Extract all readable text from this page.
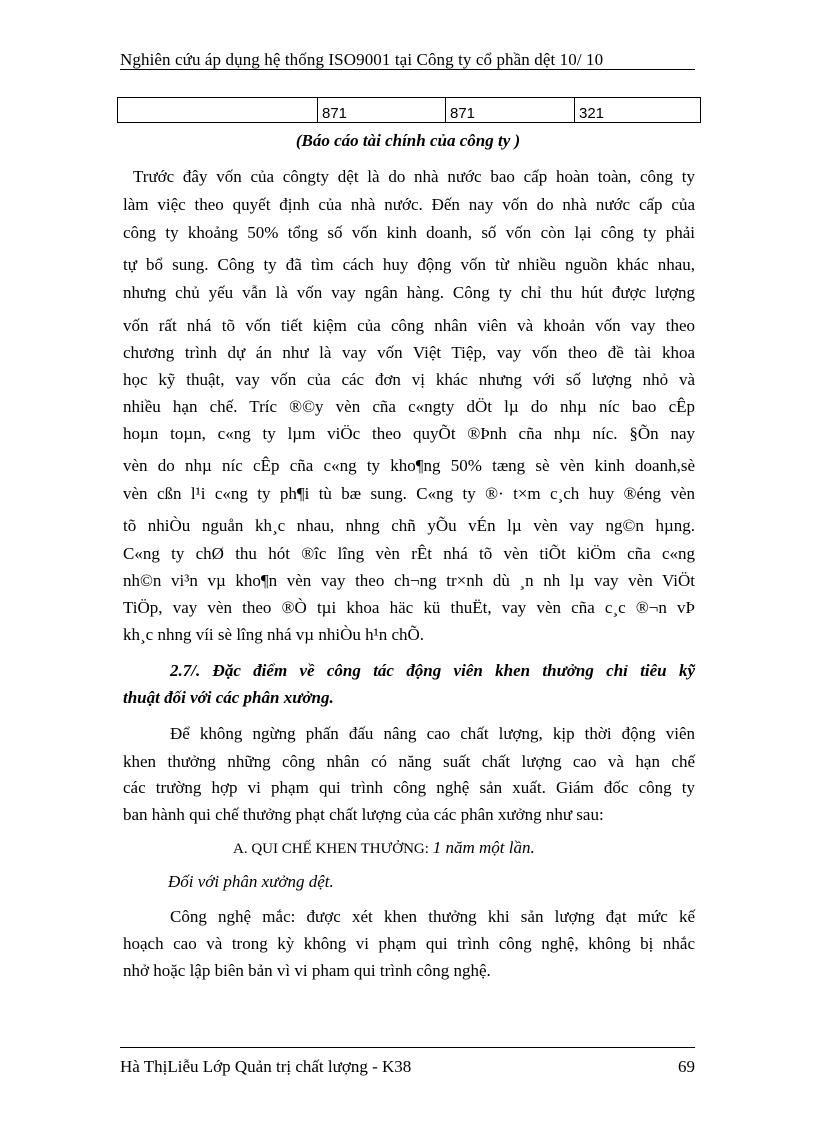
Nghiên cứu áp dụng hệ thống ISO9001 tại Công ty cổ phần dệt 10/ 10
	871	871	321
(Báo cáo tài chính của công ty )
Trước đây vốn của côngty dệt là do nhà nước bao cấp hoàn toàn, công ty
làm việc theo quyết định của nhà nước. Đến nay vốn do nhà nước cấp của
công ty khoảng 50% tổng số vốn kinh doanh, số vốn còn lại công ty phải
tự bổ sung. Công ty đã tìm cách huy động vốn từ nhiều nguồn khác nhau,
nhưng chủ yếu vẫn là vốn vay ngân hàng. Công ty chỉ thu hút được lượng
vốn rất nhá tõ vốn tiết kiệm của công nhân viên và khoản vốn vay theo
chương trình dự án như là vay vốn Việt Tiệp, vay vốn theo đề tài khoa
học kỹ thuật, vay vốn của các đơn vị khác nhưng với số lượng nhỏ và
nhiều hạn chế. Tríc ®©y vèn cña c«ngty dÖt lµ do nhµ níc bao cÊp
hoµn toµn, c«ng ty lµm viÖc theo quyÕt ®Þnh cña nhµ níc. §Õn nay
vèn do nhµ níc cÊp cña c«ng ty kho¶ng 50% tæng sè vèn kinh doanh,sè
vèn cßn l¹i c«ng ty ph¶i tù bæ sung. C«ng ty ®· t×m c¸ch huy ®éng vèn
tõ nhiÒu nguån kh¸c nhau, nhng chñ yÕu vÉn lµ vèn vay ng©n hµng.
C«ng ty chØ thu hót ®îc lîng vèn rÊt nhá tõ vèn tiÕt kiÖm cña c«ng
nh©n vi³n vµ kho¶n vèn vay theo ch¬ng tr×nh dù ¸n nh lµ vay vèn ViÖt
TiÖp, vay vèn theo ®Ò tµi khoa häc kü thuËt, vay vèn cña c¸c ®¬n vÞ
kh¸c nhng víi sè lîng nhá vµ nhiÒu h¹n chÕ.
2.7/. Đặc điểm về công tác động viên khen thưởng chỉ tiêu kỹ
thuật đối với các phân xưởng.
Để không ngừng phấn đấu nâng cao chất lượng, kịp thời động viên
khen thưởng những công nhân có năng suất chất lượng cao và hạn chế
các trường hợp vi phạm qui trình công nghệ sản xuất. Giám đốc công ty
ban hành qui chế thưởng phạt chất lượng của các phân xưởng như sau:
A. QUI CHẾ KHEN THƯỞNG: 1 năm một lần.
Đối với phân xưởng dệt.
Công nghệ mắc: được xét khen thưởng khi sản lượng đạt mức kế
hoạch cao và trong kỳ không vi phạm qui trình công nghệ, không bị nhắc
nhở hoặc lập biên bản vì vi pham qui trình công nghệ.
Hà ThịLiễu Lớp Quản trị chất lượng - K38	69
